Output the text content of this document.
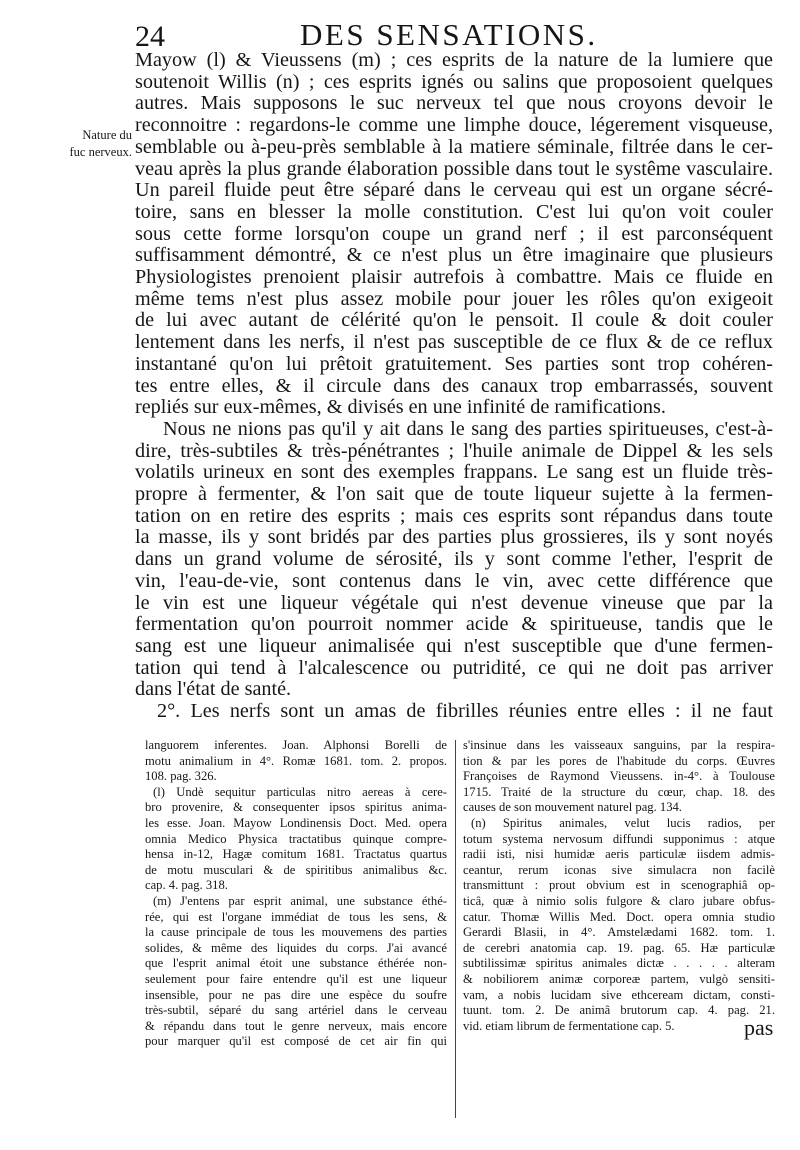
24	DES SENSATIONS.
Nature du
fuc nerveux.
Mayow (l) & Vieussens (m) ; ces esprits de la nature de la lumiere que
soutenoit Willis (n) ; ces esprits ignés ou salins que proposoient quelques
autres. Mais supposons le suc nerveux tel que nous croyons devoir le
reconnoitre : regardons-le comme une limphe douce, légerement visqueuse,
semblable ou à-peu-près semblable à la matiere séminale, filtrée dans le cer-
veau après la plus grande élaboration possible dans tout le systême vasculaire.
Un pareil fluide peut être séparé dans le cerveau qui est un organe sécré-
toire, sans en blesser la molle constitution. C'est lui qu'on voit couler
sous cette forme lorsqu'on coupe un grand nerf ; il est parconséquent
suffisamment démontré, & ce n'est plus un être imaginaire que plusieurs
Physiologistes prenoient plaisir autrefois à combattre. Mais ce fluide en
même tems n'est plus assez mobile pour jouer les rôles qu'on exigeoit
de lui avec autant de célérité qu'on le pensoit. Il coule & doit couler
lentement dans les nerfs, il n'est pas susceptible de ce flux & de ce reflux
instantané qu'on lui prêtoit gratuitement. Ses parties sont trop cohéren-
tes entre elles, & il circule dans des canaux trop embarrassés, souvent
repliés sur eux-mêmes, & divisés en une infinité de ramifications.
Nous ne nions pas qu'il y ait dans le sang des parties spiritueuses, c'est-à-
dire, très-subtiles & très-pénétrantes ; l'huile animale de Dippel & les sels
volatils urineux en sont des exemples frappans. Le sang est un fluide très-
propre à fermenter, & l'on sait que de toute liqueur sujette à la fermen-
tation on en retire des esprits ; mais ces esprits sont répandus dans toute
la masse, ils y sont bridés par des parties plus grossieres, ils y sont noyés
dans un grand volume de sérosité, ils y sont comme l'ether, l'esprit de
vin, l'eau-de-vie, sont contenus dans le vin, avec cette différence que
le vin est une liqueur végétale qui n'est devenue vineuse que par la
fermentation qu'on pourroit nommer acide & spiritueuse, tandis que le
sang est une liqueur animalisée qui n'est susceptible que d'une fermen-
tation qui tend à l'alcalescence ou putridité, ce qui ne doit pas arriver
dans l'état de santé.
2°. Les nerfs sont un amas de fibrilles réunies entre elles : il ne faut
languorem inferentes. Joan. Alphonsi Borelli de
motu animalium in 4°. Romæ 1681. tom. 2. propos.
108. pag. 326.
(l) Undè sequitur particulas nitro aereas à cere-
bro provenire, & consequenter ipsos spiritus anima-
les esse. Joan. Mayow Londinensis Doct. Med. opera
omnia Medico Physica tractatibus quinque compre-
hensa in-12, Hagæ comitum 1681. Tractatus quartus
de motu musculari & de spiritibus animalibus &c.
cap. 4. pag. 318.
(m) J'entens par esprit animal, une substance éthé-
rée, qui est l'organe immédiat de tous les sens, &
la cause principale de tous les mouvemens des parties
solides, & même des liquides du corps. J'ai avancé
que l'esprit animal étoit une substance éthérée non-
seulement pour faire entendre qu'il est une liqueur
insensible, pour ne pas dire une espèce du soufre
très-subtil, séparé du sang artériel dans le cerveau
& répandu dans tout le genre nerveux, mais encore
pour marquer qu'il est composé de cet air fin qui
s'insinue dans les vaisseaux sanguins, par la respira-
tion & par les pores de l'habitude du corps. Œuvres
Françoises de Raymond Vieussens. in-4°. à Toulouse
1715. Traité de la structure du cœur, chap. 18. des
causes de son mouvement naturel pag. 134.
(n) Spiritus animales, velut lucis radios, per
totum systema nervosum diffundi supponimus : atque
radii isti, nisi humidæ aeris particulæ iisdem admis-
ceantur, rerum iconas sive simulacra non facilè
transmittunt : prout obvium est in scenographiâ op-
ticâ, quæ à nimio solis fulgore & claro jubare obfus-
catur. Thomæ Willis Med. Doct. opera omnia studio
Gerardi Blasii, in 4°. Amstelædami 1682. tom. 1.
de cerebri anatomia cap. 19. pag. 65. Hæ particulæ
subtilissimæ spiritus animales dictæ . . . . . alteram
& nobiliorem animæ corporeæ partem, vulgò sensiti-
vam, a nobis lucidam sive ethceream dictam, consti-
tuunt. tom. 2. De animâ brutorum cap. 4. pag. 21.
vid. etiam librum de fermentatione cap. 5.	pas
